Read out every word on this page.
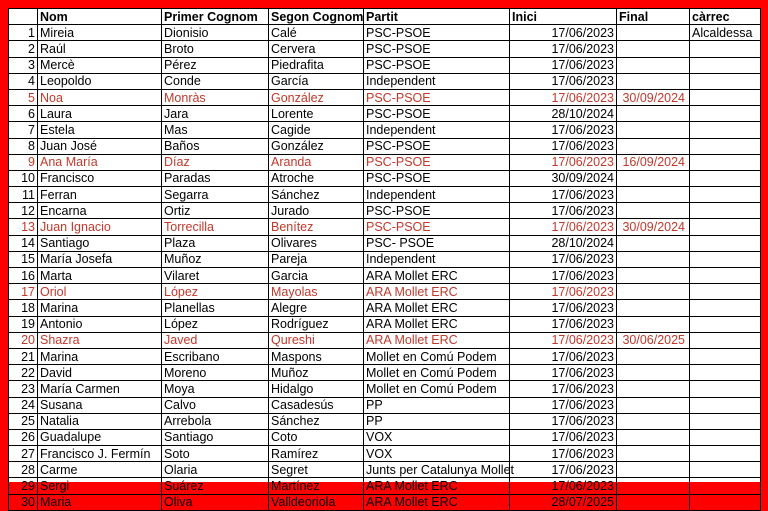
	Nom	Primer Cognom	Segon Cognom	Partit	Inici	Final	càrrec
1	Mireia	Dionisio	Calé	PSC-PSOE	17/06/2023		Alcaldessa
2	Raúl	Broto	Cervera	PSC-PSOE	17/06/2023		
3	Mercè	Pérez	Piedrafita	PSC-PSOE	17/06/2023		
4	Leopoldo	Conde	García	Independent	17/06/2023		
5	Noa	Monràs	González	PSC-PSOE	17/06/2023	30/09/2024	
6	Laura	Jara	Lorente	PSC-PSOE	28/10/2024		
7	Estela	Mas	Cagide	Independent	17/06/2023		
8	Juan José	Baños	González	PSC-PSOE	17/06/2023		
9	Ana María	Díaz	Aranda	PSC-PSOE	17/06/2023	16/09/2024	
10	Francisco	Paradas	Atroche	PSC-PSOE	30/09/2024		
11	Ferran	Segarra	Sánchez	Independent	17/06/2023		
12	Encarna	Ortiz	Jurado	PSC-PSOE	17/06/2023		
13	Juan Ignacio	Torrecilla	Benítez	PSC-PSOE	17/06/2023	30/09/2024	
14	Santiago	Plaza	Olivares	PSC- PSOE	28/10/2024		
15	María Josefa	Muñoz	Pareja	Independent	17/06/2023		
16	Marta	Vilaret	Garcia	ARA Mollet ERC	17/06/2023		
17	Oriol	López	Mayolas	ARA Mollet ERC	17/06/2023		
18	Marina	Planellas	Alegre	ARA Mollet ERC	17/06/2023		
19	Antonio	López	Rodríguez	ARA Mollet ERC	17/06/2023		
20	Shazra	Javed	Qureshi	ARA Mollet ERC	17/06/2023	30/06/2025	
21	Marina	Escribano	Maspons	Mollet en Comú Podem	17/06/2023		
22	David	Moreno	Muñoz	Mollet en Comú Podem	17/06/2023		
23	María Carmen	Moya	Hidalgo	Mollet en Comú Podem	17/06/2023		
24	Susana	Calvo	Casadesús	PP	17/06/2023		
25	Natalia	Arrebola	Sánchez	PP	17/06/2023		
26	Guadalupe	Santiago	Coto	VOX	17/06/2023		
27	Francisco J. Fermín	Soto	Ramírez	VOX	17/06/2023		
28	Carme	Olaria	Segret	Junts per Catalunya Mollet	17/06/2023		
29	Sergi	Suárez	Martínez	ARA Mollet ERC	17/06/2023		
30	Maria	Oliva	Valldeoriola	ARA Mollet ERC	28/07/2025		
